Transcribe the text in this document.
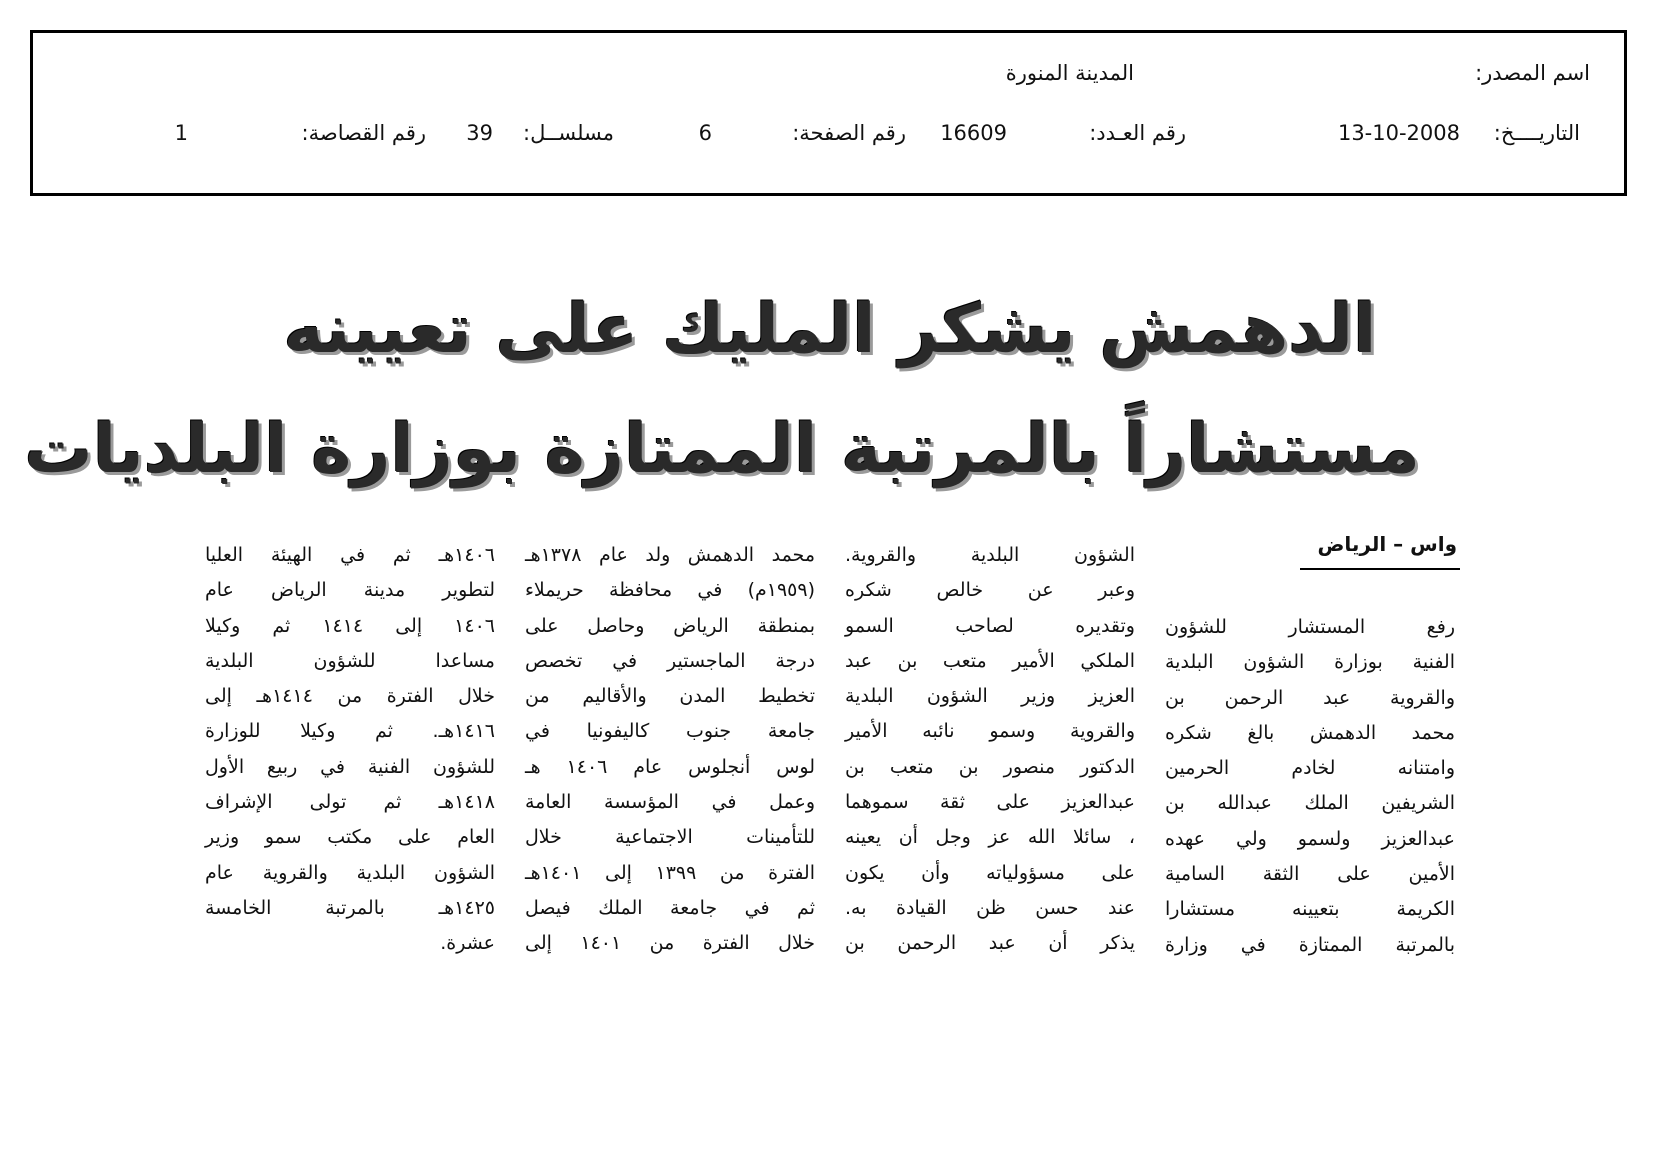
اسم المصدر:
المدينة المنورة
التاريــــخ:
13-10-2008
رقم العـدد:
16609
رقم الصفحة:
6
مسلســل:
39
رقم القصاصة:
1
الدهمش يشكر المليك على تعيينه
مستشاراً بالمرتبة الممتازة بوزارة البلديات
واس – الرياض
رفع المستشار للشؤون
الفنية بوزارة الشؤون البلدية
والقروية عبد الرحمن بن
محمد الدهمش بالغ شكره
وامتنانه لخادم الحرمين
الشريفين الملك عبدالله بن
عبدالعزيز ولسمو ولي عهده
الأمين على الثقة السامية
الكريمة بتعيينه مستشارا
بالمرتبة الممتازة في وزارة
الشؤون البلدية والقروية.
وعبر عن خالص شكره
وتقديره لصاحب السمو
الملكي الأمير متعب بن عبد
العزيز وزير الشؤون البلدية
والقروية وسمو نائبه الأمير
الدكتور منصور بن متعب بن
عبدالعزيز على ثقة سموهما
، سائلا الله عز وجل أن يعينه
على مسؤولياته وأن يكون
عند حسن ظن القيادة به.
يذكر أن عبد الرحمن بن
محمد الدهمش ولد عام ١٣٧٨هـ
(١٩٥٩م) في محافظة حريملاء
بمنطقة الرياض وحاصل على
درجة الماجستير في تخصص
تخطيط المدن والأقاليم من
جامعة جنوب كاليفونيا في
لوس أنجلوس عام ١٤٠٦ هـ
وعمل في المؤسسة العامة
للتأمينات الاجتماعية خلال
الفترة من ١٣٩٩ إلى ١٤٠١هـ
ثم في جامعة الملك فيصل
خلال الفترة من ١٤٠١ إلى
١٤٠٦هـ ثم في الهيئة العليا
لتطوير مدينة الرياض عام
١٤٠٦ إلى ١٤١٤ ثم وكيلا
مساعدا للشؤون البلدية
خلال الفترة من ١٤١٤هـ إلى
١٤١٦هـ. ثم وكيلا للوزارة
للشؤون الفنية في ربيع الأول
١٤١٨هـ ثم تولى الإشراف
العام على مكتب سمو وزير
الشؤون البلدية والقروية عام
١٤٢٥هـ بالمرتبة الخامسة
عشرة.
